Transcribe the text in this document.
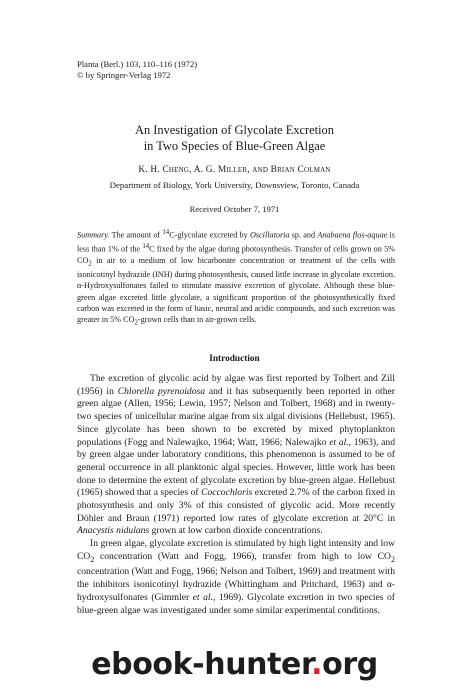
Planta (Berl.) 103, 110–116 (1972)
© by Springer-Verlag 1972
An Investigation of Glycolate Excretion
in Two Species of Blue-Green Algae
K. H. Cheng, A. G. Miller, and Brian Colman
Department of Biology, York University, Downsview, Toronto, Canada
Received October 7, 1971
Summary. The amount of $^{14}$C-glycolate excreted by Oscillatoria sp. and Anabaena flos-aquae is less than 1% of the $^{14}$C fixed by the algae during photosynthesis. Transfer of cells grown on 5% $CO_2$ in air to a medium of low bicarbonate concentration or treatment of the cells with isonicotinyl hydrazide (INH) during photosynthesis, caused little increase in glycolate excretion. α-Hydroxysulfonates failed to stimulate massive excretion of glycolate. Although these blue-green algae excreted little glycolate, a significant proportion of the photosynthetically fixed carbon was excreted in the form of basic, neutral and acidic compounds, and such excretion was greater in 5% $CO_2$-grown cells than in air-grown cells.
Introduction

The excretion of glycolic acid by algae was first reported by Tolbert and Zill (1956) in Chlorella pyrenoidosa and it has subsequently been reported in other green algae (Allen, 1956; Lewin, 1957; Nelson and Tolbert, 1968) and in twenty-two species of unicellular marine algae from six algal divisions (Hellebust, 1965). Since glycolate has been shown to be excreted by mixed phytoplankton populations (Fogg and Nalewajko, 1964; Watt, 1966; Nalewajko et al., 1963), and by green algae under laboratory conditions, this phenomenon is assumed to be of general occurrence in all planktonic algal species. However, little work has been done to determine the extent of glycolate excretion by blue-green algae. Hellebust (1965) showed that a species of Coccochloris excreted 2.7% of the carbon fixed in photosynthesis and only 3% of this consisted of glycolic acid. More recently Döhler and Braun (1971) reported low rates of glycolate excretion at 20°C in Anacystis nidulans grown at low carbon dioxide concentrations.

In green algae, glycolate excretion is stimulated by high light intensity and low $CO_2$ concentration (Watt and Fogg, 1966), transfer from high to low $CO_2$ concentration (Watt and Fogg, 1966; Nelson and Tolbert, 1969) and treatment with the inhibitors isonicotinyl hydrazide (Whittingham and Pritchard, 1963) and α-hydroxysulfonates (Gimmler et al., 1969). Glycolate excretion in two species of blue-green algae was investigated under some similar experimental conditions.

ebook-hunter.org
